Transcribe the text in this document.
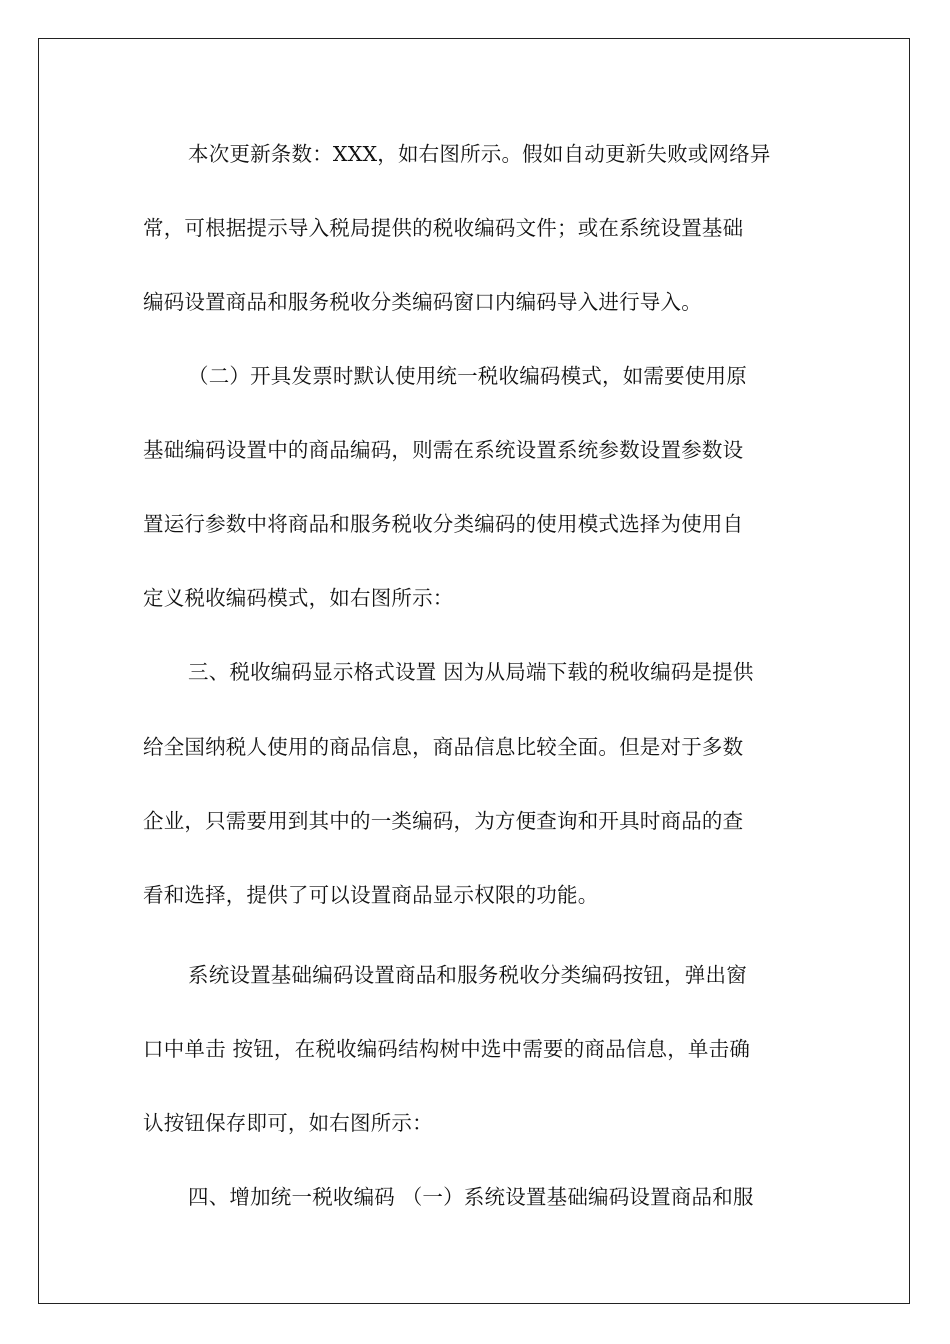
本次更新条数：XXX，如右图所示。假如自动更新失败或网络异
常，可根据提示导入税局提供的税收编码文件；或在系统设置基础
编码设置商品和服务税收分类编码窗口内编码导入进行导入。
（二）开具发票时默认使用统一税收编码模式，如需要使用原
基础编码设置中的商品编码，则需在系统设置系统参数设置参数设
置运行参数中将商品和服务税收分类编码的使用模式选择为使用自
定义税收编码模式，如右图所示：
三、税收编码显示格式设置 因为从局端下载的税收编码是提供
给全国纳税人使用的商品信息，商品信息比较全面。但是对于多数
企业，只需要用到其中的一类编码，为方便查询和开具时商品的查
看和选择，提供了可以设置商品显示权限的功能。
系统设置基础编码设置商品和服务税收分类编码按钮，弹出窗
口中单击 按钮，在税收编码结构树中选中需要的商品信息，单击确
认按钮保存即可，如右图所示：
四、增加统一税收编码 （一）系统设置基础编码设置商品和服
